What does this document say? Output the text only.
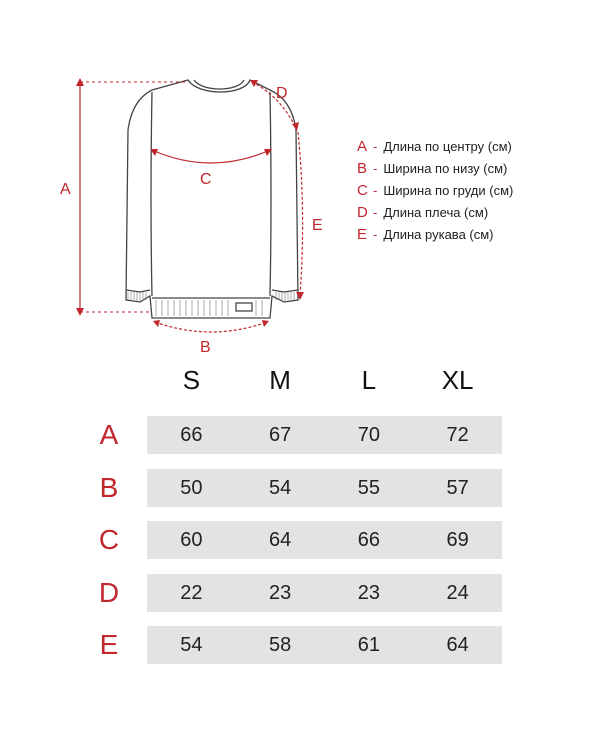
A
B
C
D
E
A - Длина по центру (см)
B - Ширина по низу (см)
C - Ширина по груди (см)
D - Длина плеча (см)
E - Длина рукава (см)
S	M	L	XL
A	66	67	70	72
B	50	54	55	57
C	60	64	66	69
D	22	23	23	24
E	54	58	61	64
